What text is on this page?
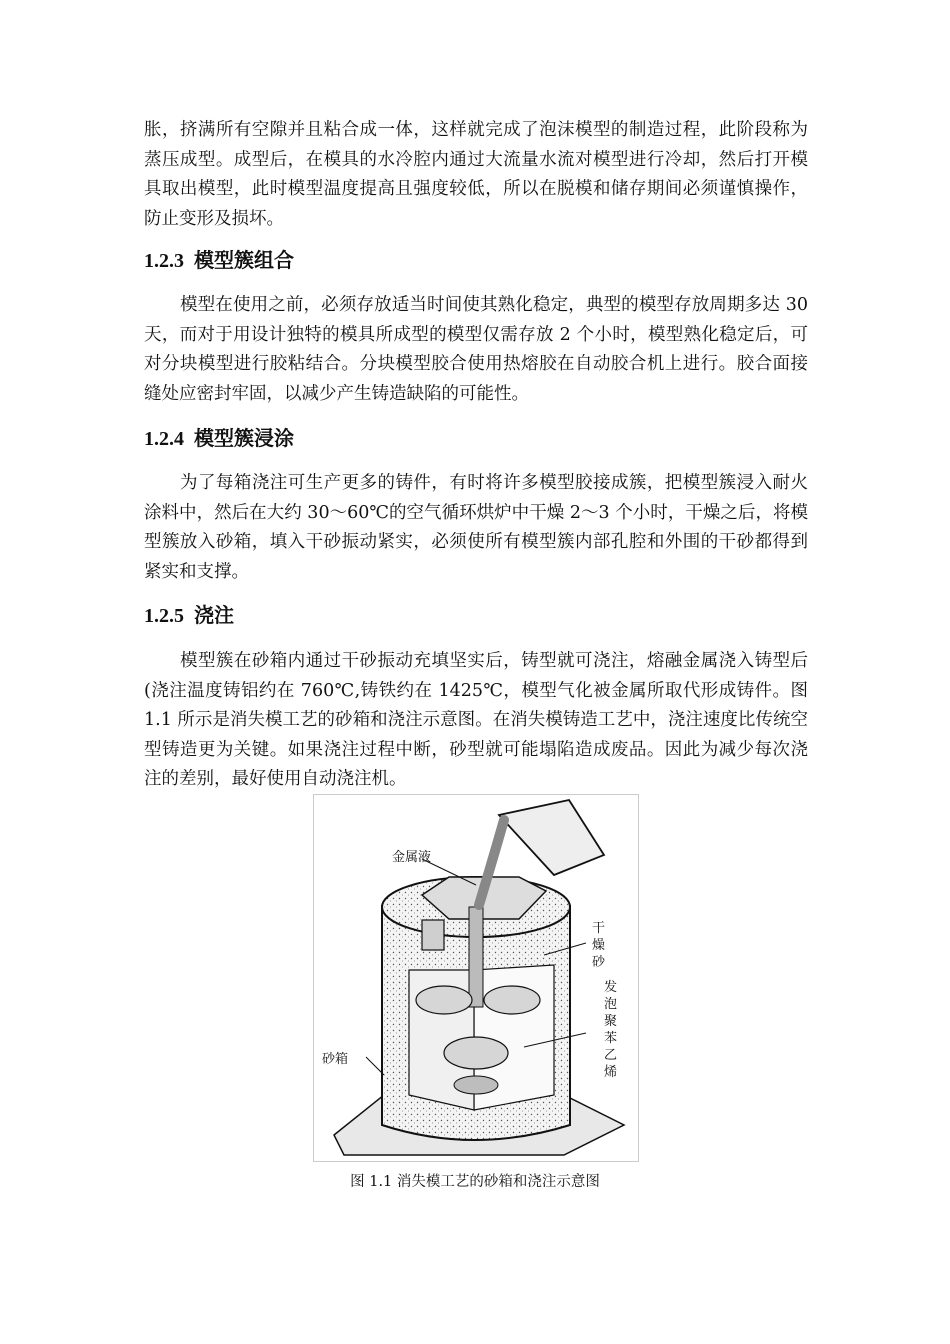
胀，挤满所有空隙并且粘合成一体，这样就完成了泡沫模型的制造过程，此阶段称为蒸压成型。成型后，在模具的水冷腔内通过大流量水流对模型进行冷却，然后打开模具取出模型，此时模型温度提高且强度较低，所以在脱模和储存期间必须谨慎操作，防止变形及损坏。

1.2.3 模型簇组合

模型在使用之前，必须存放适当时间使其熟化稳定，典型的模型存放周期多达 30 天，而对于用设计独特的模具所成型的模型仅需存放 2 个小时，模型熟化稳定后，可对分块模型进行胶粘结合。分块模型胶合使用热熔胶在自动胶合机上进行。胶合面接缝处应密封牢固，以减少产生铸造缺陷的可能性。

1.2.4 模型簇浸涂

为了每箱浇注可生产更多的铸件，有时将许多模型胶接成簇，把模型簇浸入耐火涂料中，然后在大约 30～60℃的空气循环烘炉中干燥 2～3 个小时，干燥之后，将模型簇放入砂箱，填入干砂振动紧实，必须使所有模型簇内部孔腔和外围的干砂都得到紧实和支撑。

1.2.5 浇注

模型簇在砂箱内通过干砂振动充填坚实后，铸型就可浇注，熔融金属浇入铸型后(浇注温度铸铝约在 760℃,铸铁约在 1425℃，模型气化被金属所取代形成铸件。图 1.1 所示是消失模工艺的砂箱和浇注示意图。在消失模铸造工艺中，浇注速度比传统空型铸造更为关键。如果浇注过程中断，砂型就可能塌陷造成废品。因此为减少每次浇注的差别，最好使用自动浇注机。

金属液
砂箱
干
燥
砂
发
泡
聚
苯
乙
烯

图 1.1 消失模工艺的砂箱和浇注示意图
